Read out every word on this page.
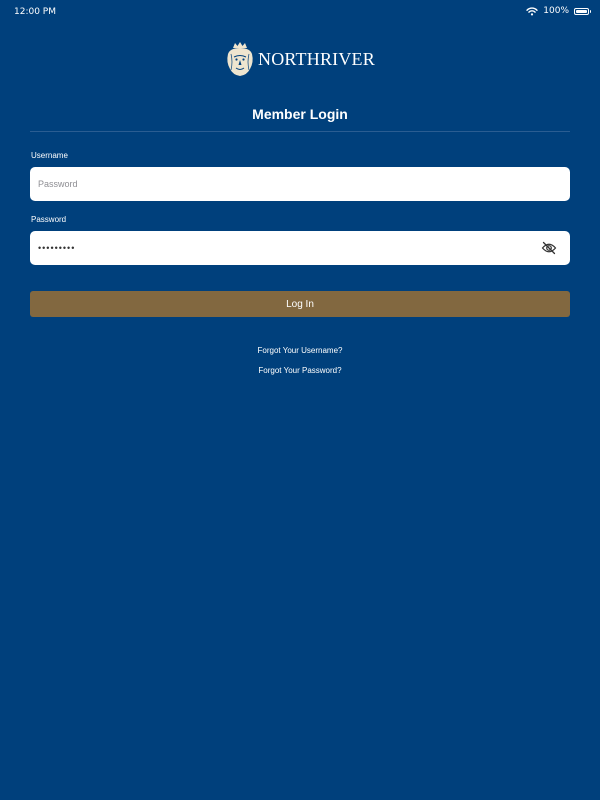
12:00 PM	100%
NORTHRIVER
Member Login
Username
Password
Password
Log In
Forgot Your Username?
Forgot Your Password?
